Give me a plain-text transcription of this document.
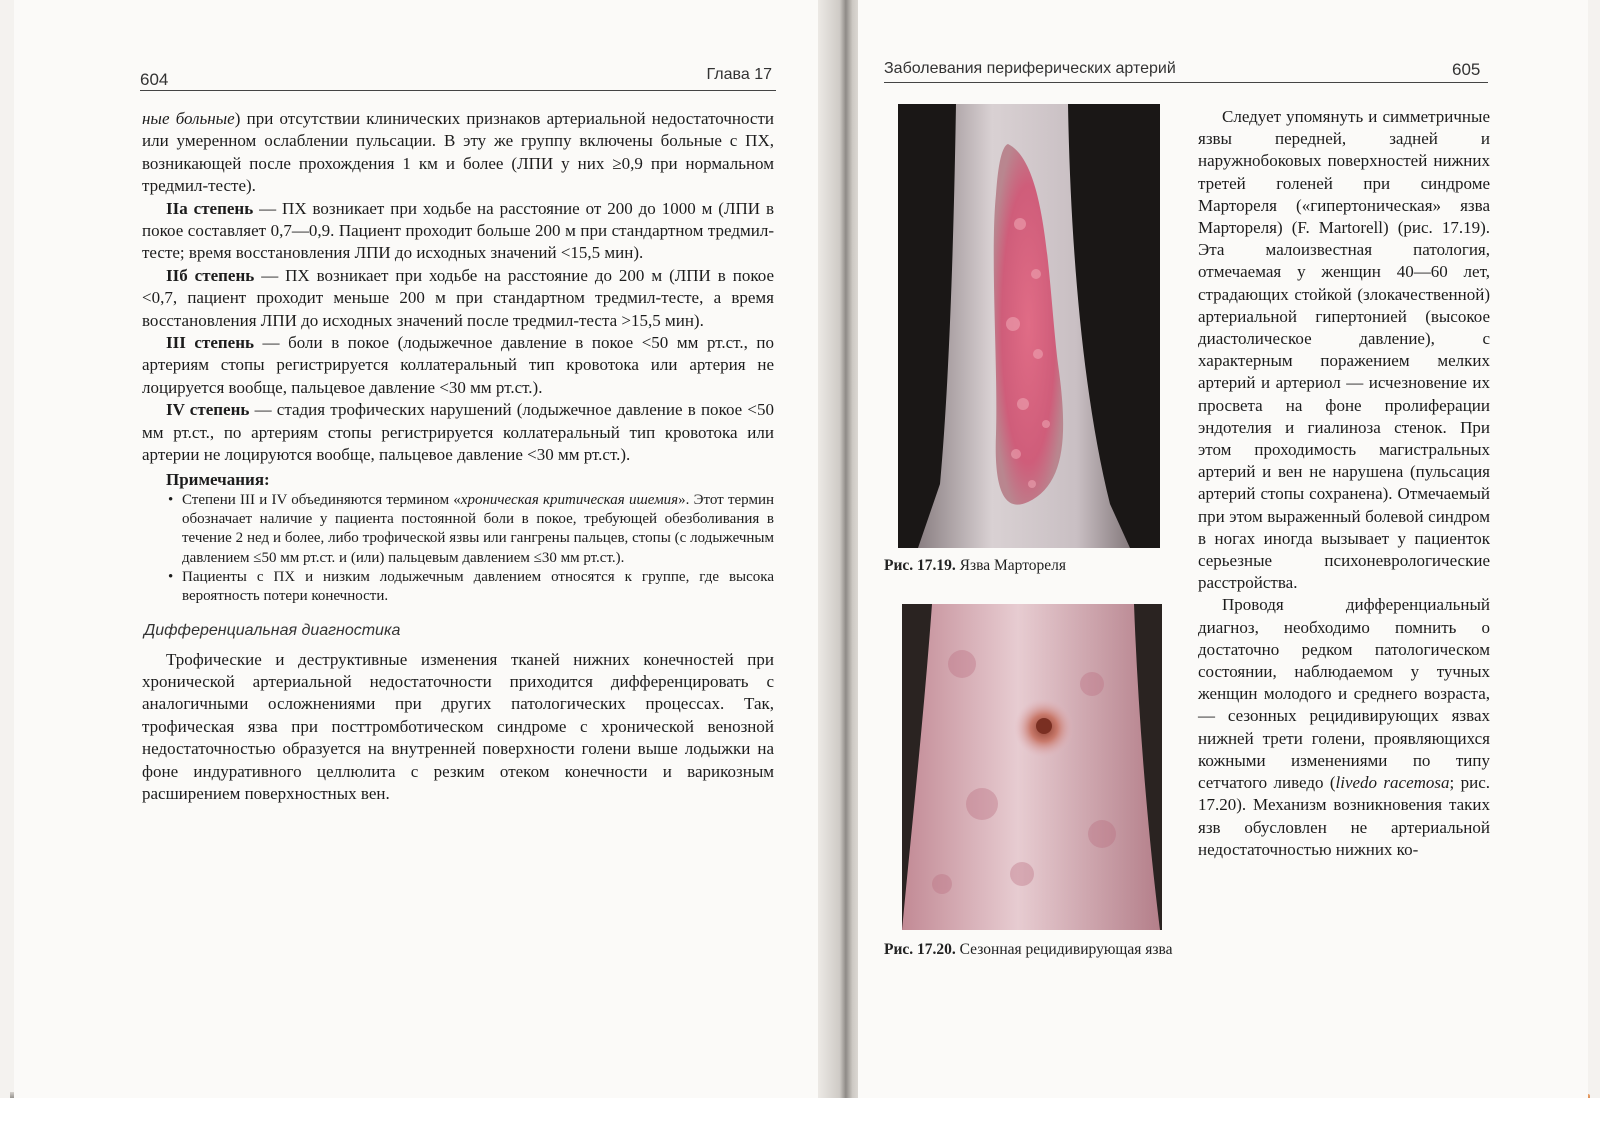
604	Глава 17

ные больные) при отсутствии клинических признаков артериальной недостаточности или умеренном ослаблении пульсации. В эту же группу включены больные с ПХ, возникающей после прохождения 1 км и более (ЛПИ у них ≥0,9 при нормальном тредмил-тесте).

IIа степень — ПХ возникает при ходьбе на расстояние от 200 до 1000 м (ЛПИ в покое составляет 0,7—0,9. Пациент проходит больше 200 м при стандартном тредмил-тесте; время восстановления ЛПИ до исходных значений <15,5 мин).

IIб степень — ПХ возникает при ходьбе на расстояние до 200 м (ЛПИ в покое <0,7, пациент проходит меньше 200 м при стандартном тредмил-тесте, а время восстановления ЛПИ до исходных значений после тредмил-теста >15,5 мин).

III степень — боли в покое (лодыжечное давление в покое <50 мм рт.ст., по артериям стопы регистрируется коллатеральный тип кровотока или артерия не лоцируется вообще, пальцевое давление <30 мм рт.ст.).

IV степень — стадия трофических нарушений (лодыжечное давление в покое <50 мм рт.ст., по артериям стопы регистрируется коллатеральный тип кровотока или артерии не лоцируются вообще, пальцевое давление <30 мм рт.ст.).

Примечания:
• Степени III и IV объединяются термином «хроническая критическая ишемия». Этот термин обозначает наличие у пациента постоянной боли в покое, требующей обезболивания в течение 2 нед и более, либо трофической язвы или гангрены пальцев, стопы (с лодыжечным давлением ≤50 мм рт.ст. и (или) пальцевым давлением ≤30 мм рт.ст.).
• Пациенты с ПХ и низким лодыжечным давлением относятся к группе, где высока вероятность потери конечности.
Дифференциальная диагностика

Трофические и деструктивные изменения тканей нижних конечностей при хронической артериальной недостаточности приходится дифференцировать с аналогичными осложнениями при других патологических процессах. Так, трофическая язва при посттромботическом синдроме с хронической венозной недостаточностью образуется на внутренней поверхности голени выше лодыжки на фоне индуративного целлюлита с резким отеком конечности и варикозным расширением поверхностных вен.

Заболевания периферических артерий	605
Рис. 17.19. Язва Мартореля
Рис. 17.20. Сезонная рецидивирующая язва

Следует упомянуть и симметричные язвы передней, задней и наружнобоковых поверхностей нижних третей голеней при синдроме Мартореля («гипертоническая» язва Мартореля) (F. Martorell) (рис. 17.19). Эта малоизвестная патология, отмечаемая у женщин 40—60 лет, страдающих стойкой (злокачественной) артериальной гипертонией (высокое диастолическое давление), с характерным поражением мелких артерий и артериол — исчезновение их просвета на фоне пролиферации эндотелия и гиалиноза стенок. При этом проходимость магистральных артерий и вен не нарушена (пульсация артерий стопы сохранена). Отмечаемый при этом выраженный болевой синдром в ногах иногда вызывает у пациенток серьезные психоневрологические расстройства.

Проводя дифференциальный диагноз, необходимо помнить о достаточно редком патологическом состоянии, наблюдаемом у тучных женщин молодого и среднего возраста, — сезонных рецидивирующих язвах нижней трети голени, проявляющихся кожными изменениями по типу сетчатого ливедо (livedo racemosa; рис. 17.20). Механизм возникновения таких язв обусловлен не артериальной недостаточностью нижних ко-
